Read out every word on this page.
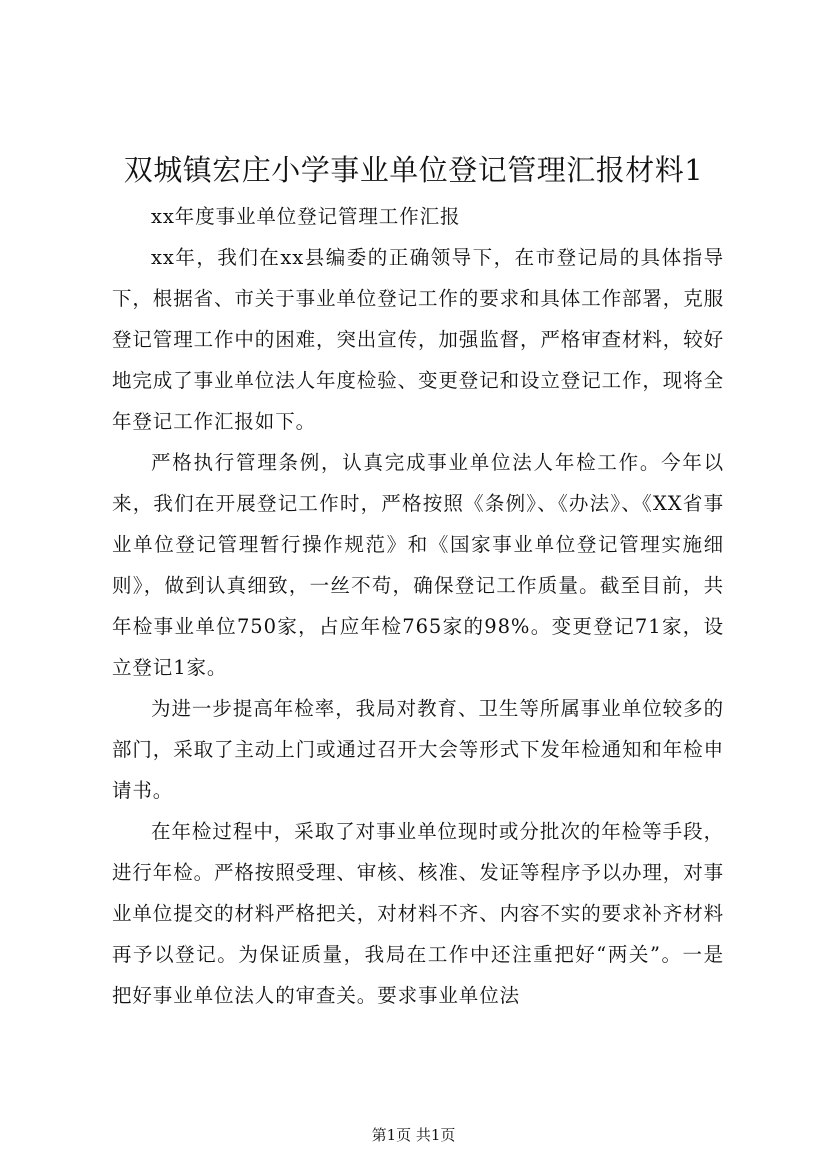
双城镇宏庄小学事业单位登记管理汇报材料1

xx年度事业单位登记管理工作汇报

xx年，我们在xx县编委的正确领导下，在市登记局的具体指导下，根据省、市关于事业单位登记工作的要求和具体工作部署，克服登记管理工作中的困难，突出宣传，加强监督，严格审查材料，较好地完成了事业单位法人年度检验、变更登记和设立登记工作，现将全年登记工作汇报如下。

严格执行管理条例，认真完成事业单位法人年检工作。今年以来，我们在开展登记工作时，严格按照《条例》、《办法》、《XX省事业单位登记管理暂行操作规范》和《国家事业单位登记管理实施细则》，做到认真细致，一丝不苟，确保登记工作质量。截至目前，共年检事业单位750家，占应年检765家的98%。变更登记71家，设立登记1家。

为进一步提高年检率，我局对教育、卫生等所属事业单位较多的部门，采取了主动上门或通过召开大会等形式下发年检通知和年检申请书。

在年检过程中，采取了对事业单位现时或分批次的年检等手段，进行年检。严格按照受理、审核、核准、发证等程序予以办理，对事业单位提交的材料严格把关，对材料不齐、内容不实的要求补齐材料再予以登记。为保证质量，我局在工作中还注重把好“两关”。一是把好事业单位法人的审查关。要求事业单位法

第1页 共1页
